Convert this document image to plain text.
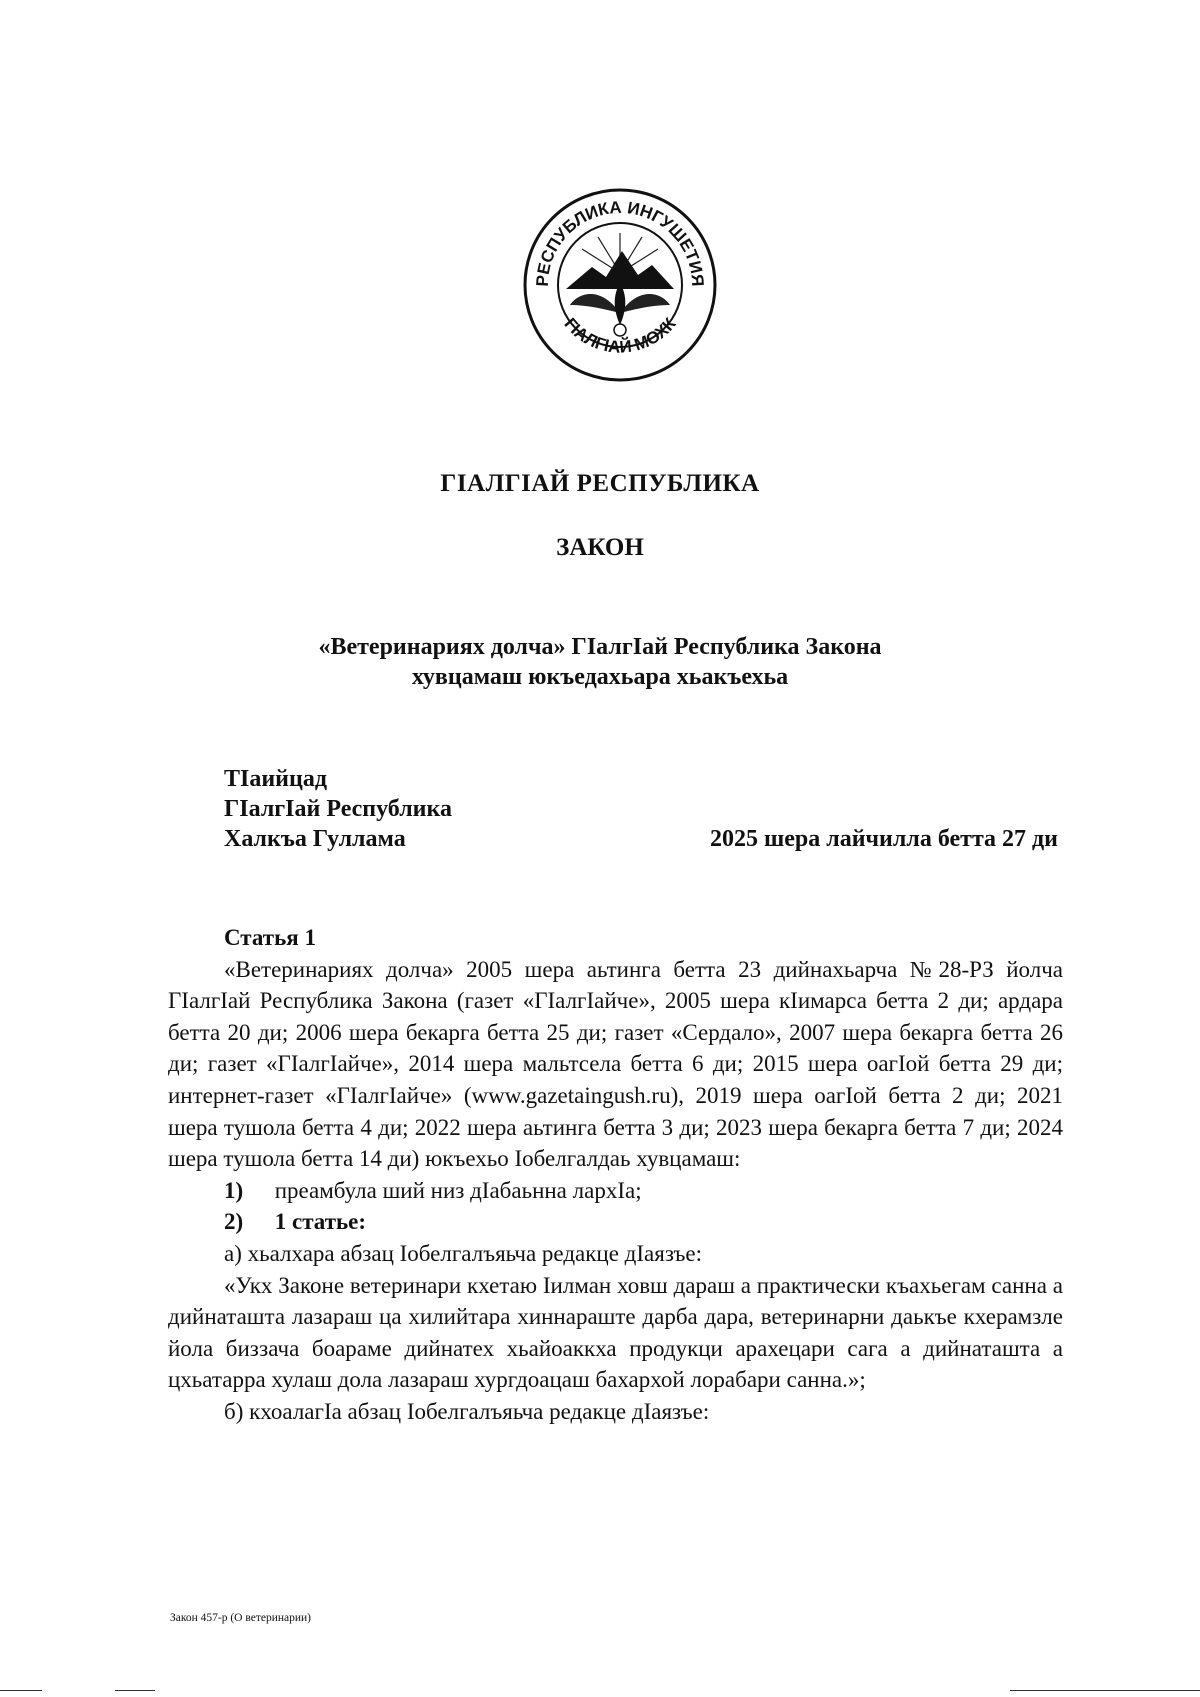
РЕСПУБЛИКА ИНГУШЕТИЯ
ГIАЛГIАЙ МОХК
ГIАЛГIАЙ РЕСПУБЛИКА
ЗАКОН
«Ветеринариях долча» ГIалгIай Республика Закона
хувцамаш юкъедахьара хьакъехьа
ТIаийцад
ГIалгIай Республика
Халкъа Гуллама	2025 шера лайчилла бетта 27 ди
Статья 1
«Ветеринариях долча» 2005 шера аьтинга бетта 23 дийнахьарча №28-РЗ йолча ГIалгIай Республика Закона (газет «ГIалгIайче», 2005 шера кIимарса бетта 2 ди; ардара бетта 20 ди; 2006 шера бекарга бетта 25 ди; газет «Сердало», 2007 шера бекарга бетта 26 ди; газет «ГIалгIайче», 2014 шера мальтсела бетта 6 ди; 2015 шера оагIой бетта 29 ди; интернет-газет «ГIалгIайче» (www.gazetaingush.ru), 2019 шера оагIой бетта 2 ди; 2021 шера тушола бетта 4 ди; 2022 шера аьтинга бетта 3 ди; 2023 шера бекарга бетта 7 ди; 2024 шера тушола бетта 14 ди) юкъехьо Iобелгалдаь хувцамаш:
1) преамбула ший низ дIабаьнна лархIа;
2) 1 статье:
а) хьалхара абзац Iобелгалъяьча редакце дIаязъе:
«Укх Законе ветеринари кхетаю Iилман ховш дараш а практически къахьегам санна а дийнаташта лазараш ца хилийтара хиннараште дарба дара, ветеринарни даькъе кхерамзле йола биззача боараме дийнатех хьайоаккха продукци арахецари сага а дийнаташта а цхьатарра хулаш дола лазараш хургдоацаш бахархой лорабари санна.»;
б) кхоалагIа абзац Iобелгалъяьча редакце дIаязъе:
Закон 457-р (О ветеринарии)
